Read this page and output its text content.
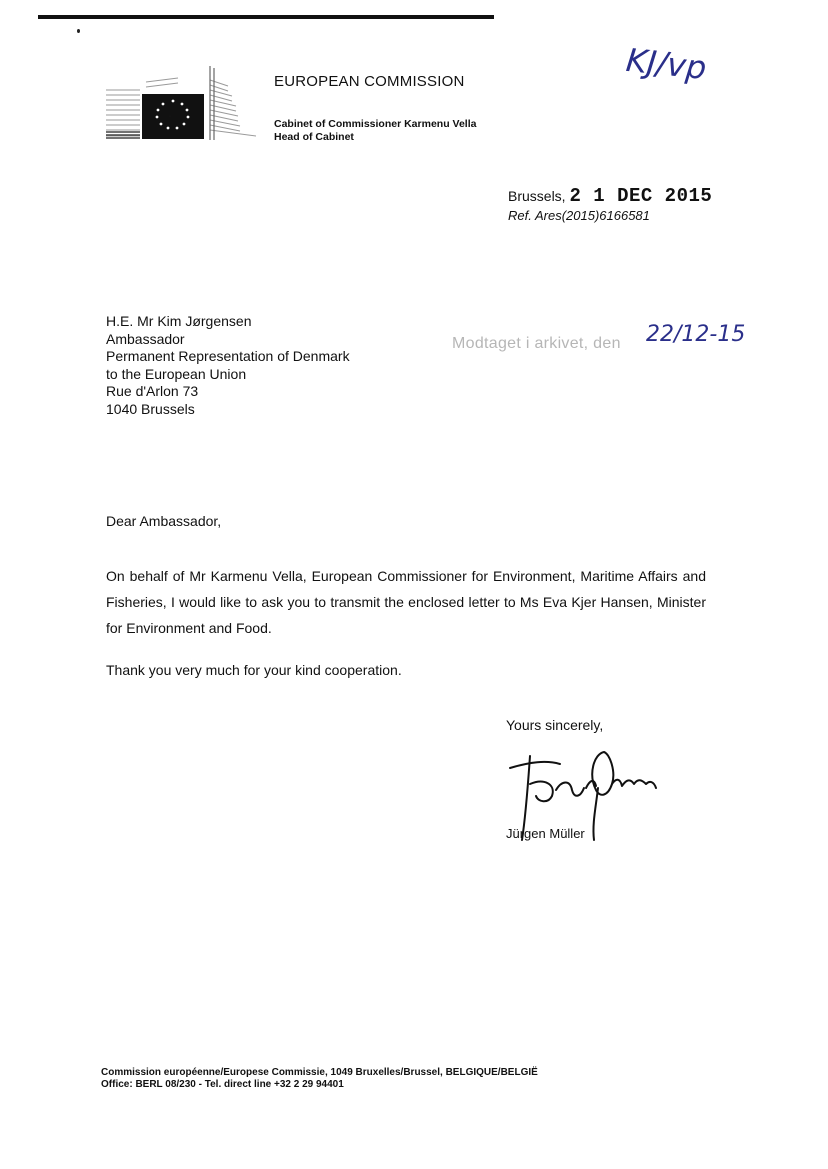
EUROPEAN COMMISSION
Cabinet of Commissioner Karmenu Vella
Head of Cabinet
KJ/vp
Brussels, 2 1 DEC 2015
Ref. Ares(2015)6166581
H.E. Mr Kim Jørgensen
Ambassador
Permanent Representation of Denmark
to the European Union
Rue d'Arlon 73
1040 Brussels
Modtaget i arkivet, den 22/12-15
Dear Ambassador,
On behalf of Mr Karmenu Vella, European Commissioner for Environment, Maritime Affairs and Fisheries, I would like to ask you to transmit the enclosed letter to Ms Eva Kjer Hansen, Minister for Environment and Food.
Thank you very much for your kind cooperation.
Yours sincerely,
Jürgen Müller
Commission européenne/Europese Commissie, 1049 Bruxelles/Brussel, BELGIQUE/BELGIË
Office: BERL 08/230 - Tel. direct line +32 2 29 94401
